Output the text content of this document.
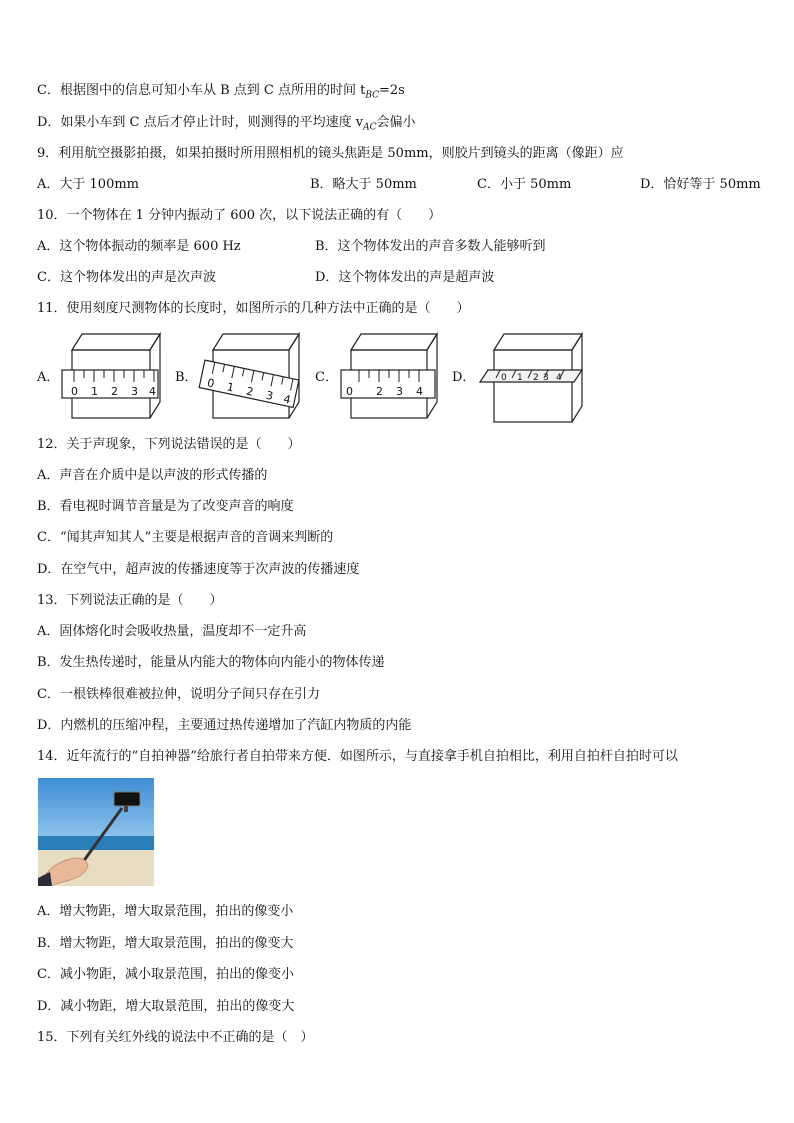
C．根据图中的信息可知小车从 B 点到 C 点所用的时间 $t_{BC}=2s$
D．如果小车到 C 点后才停止计时，则测得的平均速度 $v_{AC}$会偏小
9．利用航空摄影拍摄，如果拍摄时所用照相机的镜头焦距是 50mm，则胶片到镜头的距离（像距）应
A．大于 100mm	B．略大于 50mm	C．小于 50mm	D．恰好等于 50mm
10．一个物体在 1 分钟内振动了 600 次，以下说法正确的有（　　）
A．这个物体振动的频率是 600 Hz	B．这个物体发出的声音多数人能够听到
C．这个物体发出的声是次声波	D．这个物体发出的声是超声波
11．使用刻度尺测物体的长度时，如图所示的几种方法中正确的是（　　）
A．
0 1 2 3 4
B． 0 1 2 3 4
C．
0 2 3 4
D．	0 1 2 3 4
12．关于声现象，下列说法错误的是（　　）
A．声音在介质中是以声波的形式传播的
B．看电视时调节音量是为了改变声音的响度
C．“闻其声知其人”主要是根据声音的音调来判断的
D．在空气中，超声波的传播速度等于次声波的传播速度
13．下列说法正确的是（　　）
A．固体熔化时会吸收热量，温度却不一定升高
B．发生热传递时，能量从内能大的物体向内能小的物体传递
C．一根铁棒很难被拉伸，说明分子间只存在引力
D．内燃机的压缩冲程，主要通过热传递增加了汽缸内物质的内能
14．近年流行的“自拍神器”给旅行者自拍带来方便．如图所示，与直接拿手机自拍相比，利用自拍杆自拍时可以
A．增大物距，增大取景范围，拍出的像变小
B．增大物距，增大取景范围，拍出的像变大
C．减小物距，减小取景范围，拍出的像变小
D．减小物距，增大取景范围，拍出的像变大
15．下列有关红外线的说法中不正确的是（　）
